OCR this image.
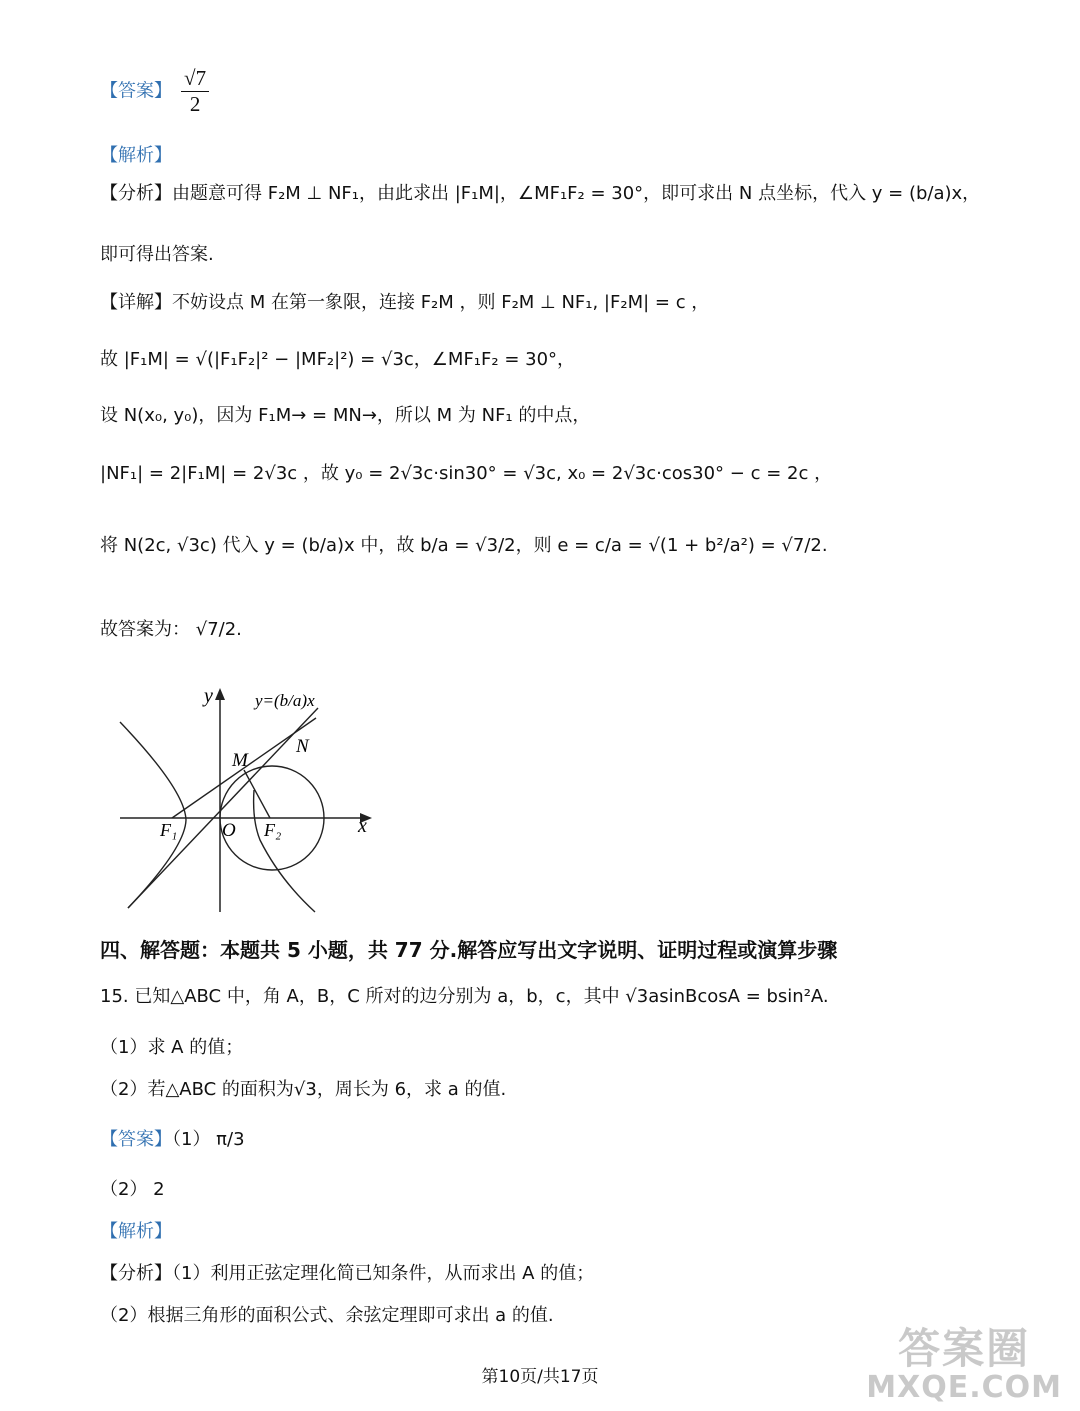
【答案】 $\frac{√7}{2}$
【解析】
【分析】由题意可得 F₂M ⊥ NF₁，由此求出 |F₁M|，∠MF₁F₂ = 30°，即可求出 N 点坐标，代入 y = (b/a)x，
即可得出答案.
【详解】不妨设点 M 在第一象限，连接 F₂M ，则 F₂M ⊥ NF₁, |F₂M| = c ，
故 |F₁M| = √(|F₁F₂|² − |MF₂|²) = √3c，∠MF₁F₂ = 30°，
设 N(x₀, y₀)，因为 F₁M→ = MN→，所以 M 为 NF₁ 的中点，
|NF₁| = 2|F₁M| = 2√3c ，故 y₀ = 2√3c·sin30° = √3c, x₀ = 2√3c·cos30° − c = 2c ，
将 N(2c, √3c) 代入 y = (b/a)x 中，故 b/a = √3/2，则 e = c/a = √(1 + b²/a²) = √7/2.
故答案为： √7/2.
y
x
O
M
N
F₁	F₂
y=(b/a)x
四、解答题：本题共 5 小题，共 77 分.解答应写出文字说明、证明过程或演算步骤
15. 已知△ABC 中，角 A，B，C 所对的边分别为 a，b，c，其中 √3asinBcosA = bsin²A.
（1）求 A 的值；
（2）若△ABC 的面积为√3，周长为 6，求 a 的值.
【答案】（1） π/3
（2） 2
【解析】
【分析】（1）利用正弦定理化简已知条件，从而求出 A 的值；
（2）根据三角形的面积公式、余弦定理即可求出 a 的值.
第10页/共17页
答案圈
MXQE.COM
